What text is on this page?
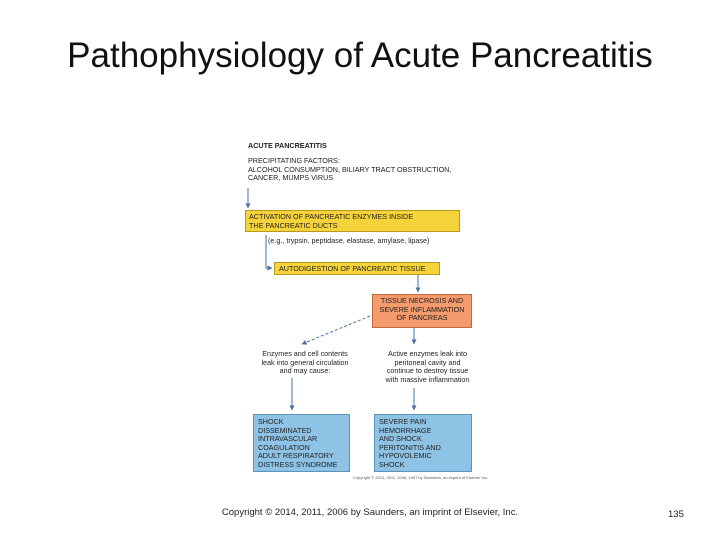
Pathophysiology of Acute Pancreatitis
ACUTE PANCREATITIS
PRECIPITATING FACTORS:
ALCOHOL CONSUMPTION, BILIARY TRACT OBSTRUCTION,
CANCER, MUMPS VIRUS
ACTIVATION OF PANCREATIC ENZYMES INSIDE
THE PANCREATIC DUCTS
(e.g., trypsin, peptidase, elastase, amylase, lipase)
AUTODIGESTION OF PANCREATIC TISSUE
TISSUE NECROSIS AND
SEVERE INFLAMMATION
OF PANCREAS
Enzymes and cell contents
leak into general circulation
and may cause:
Active enzymes leak into
peritoneal cavity and
continue to destroy tissue
with massive inflammation
SHOCK
DISSEMINATED
INTRAVASCULAR
COAGULATION
ADULT RESPIRATORY
DISTRESS SYNDROME
SEVERE PAIN
HEMORRHAGE
AND SHOCK
PERITONITIS AND
HYPOVOLEMIC
SHOCK
Copyright © 2014, 2011, 2006, 1997 by Saunders, an imprint of Elsevier Inc.
Copyright © 2014, 2011, 2006 by Saunders, an imprint of Elsevier, Inc.	135
